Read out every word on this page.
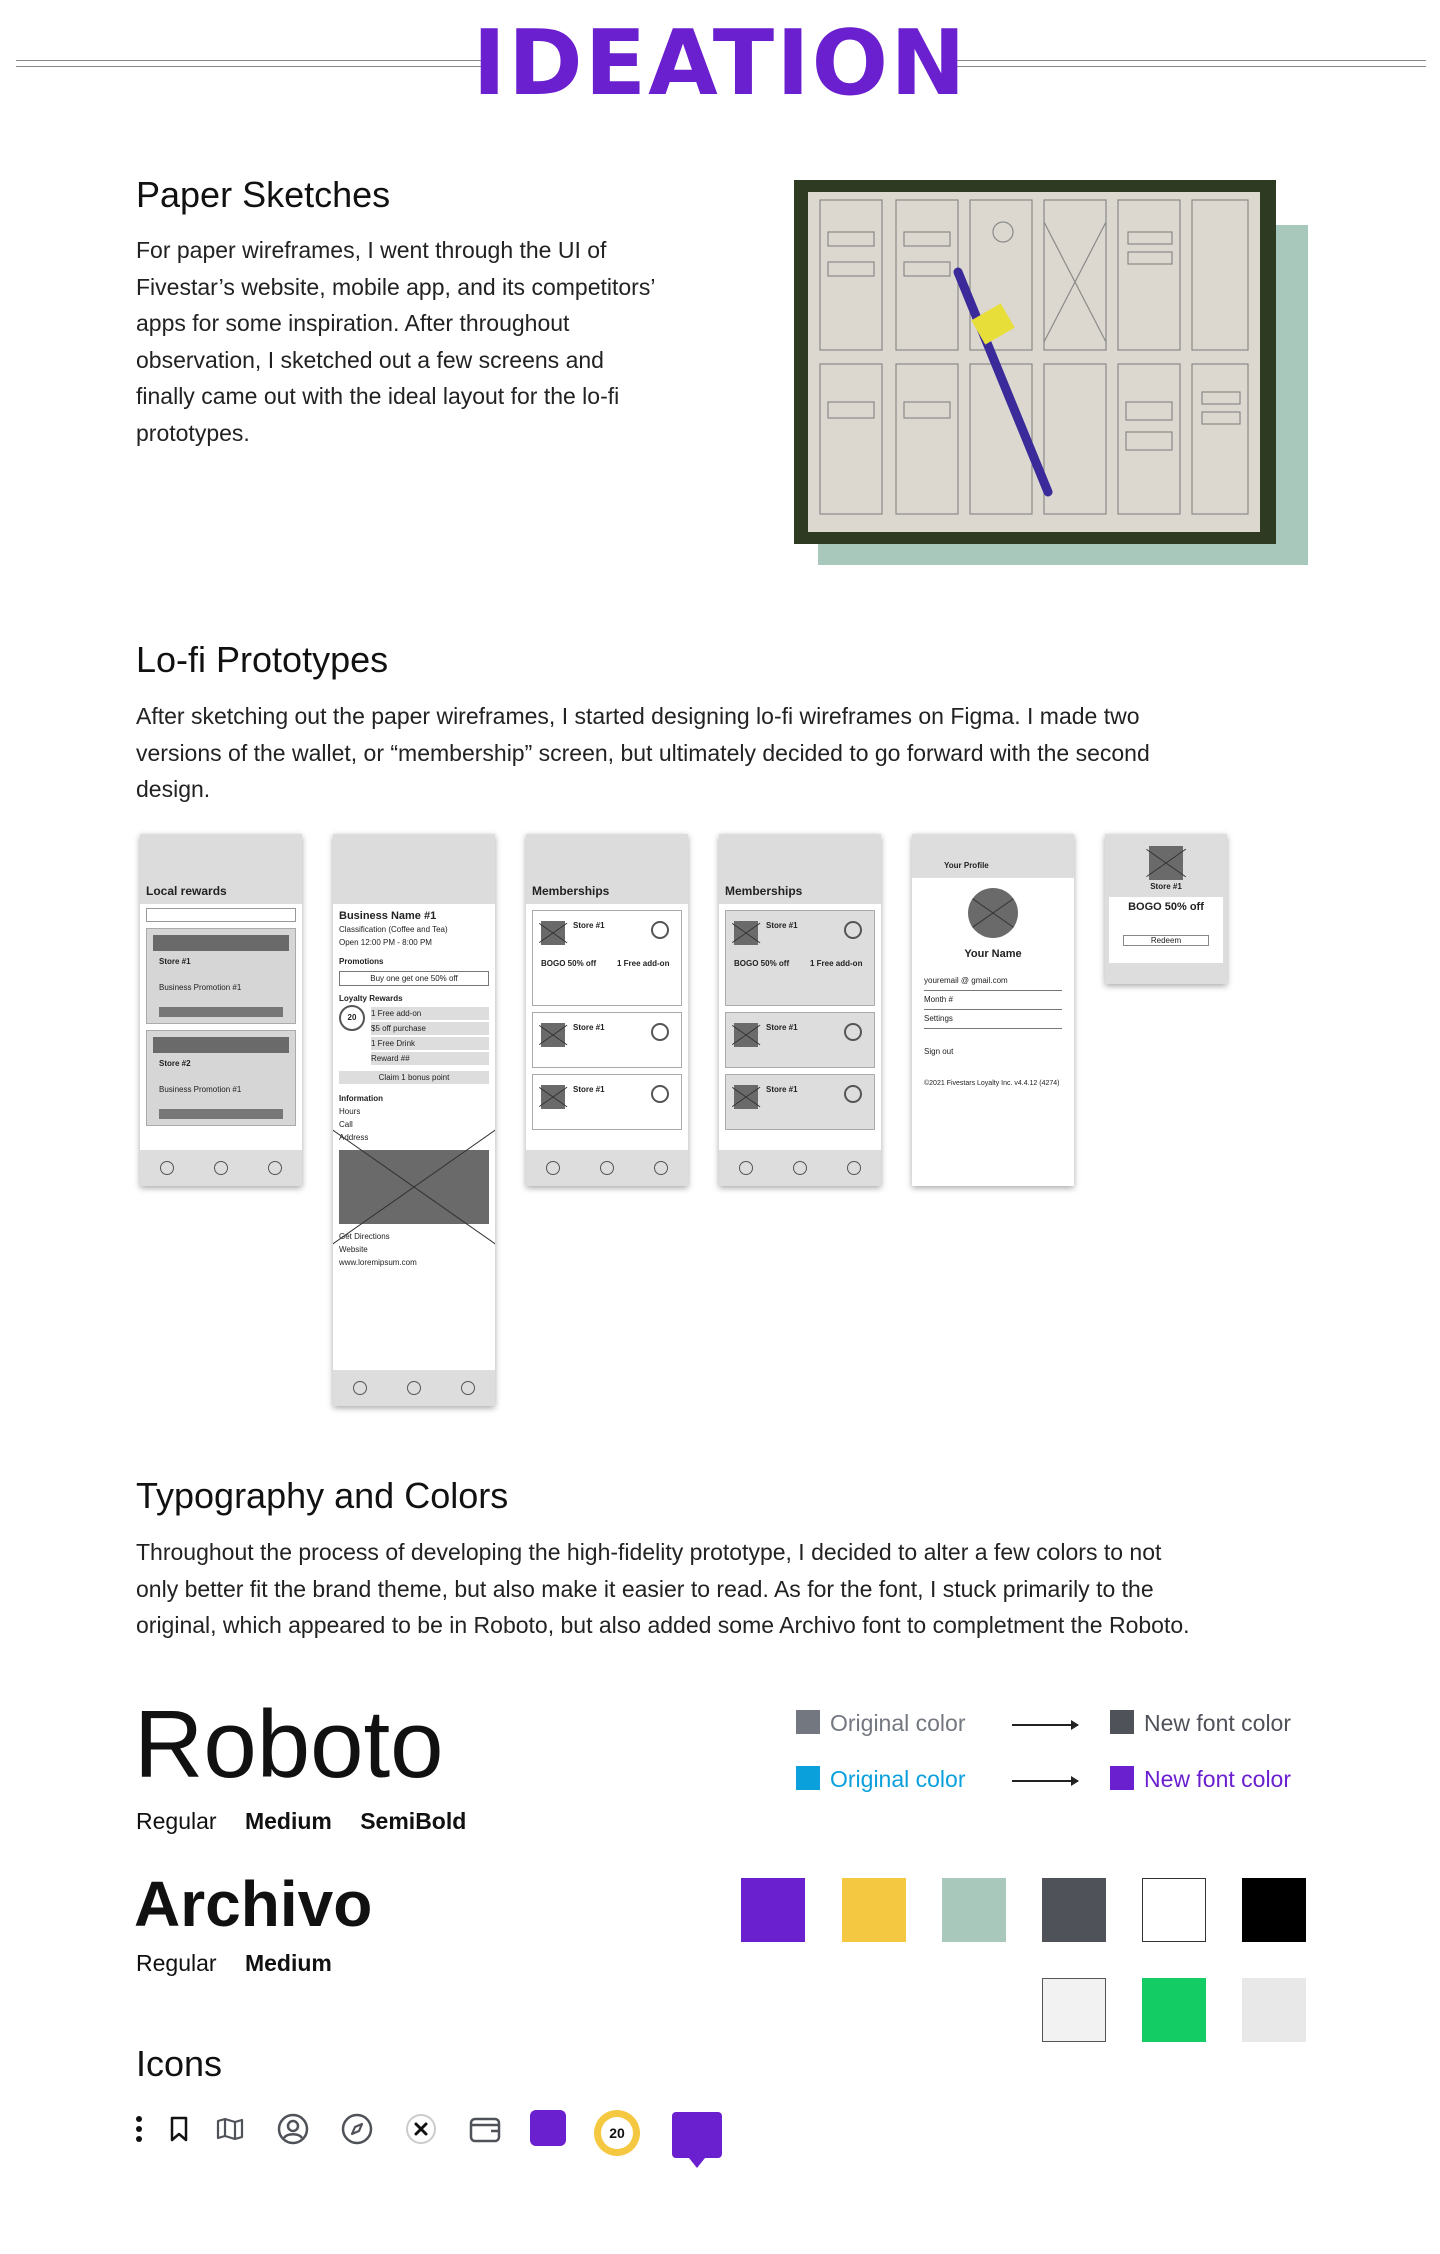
IDEATION
Paper Sketches
For paper wireframes, I went through the UI of
Fivestar’s website, mobile app, and its competitors’
apps for some inspiration. After throughout
observation, I sketched out a few screens and
finally came out with the ideal layout for the lo-fi
prototypes.
Lo-fi Prototypes
After sketching out the paper wireframes, I started designing lo-fi wireframes on Figma. I made two
versions of the wallet, or “membership” screen, but ultimately decided to go forward with the second
design.
Local rewards
Store #1
Business Promotion #1
Store #2
Business Promotion #1
Business Name #1
Classification (Coffee and Tea)
Open 12:00 PM - 8:00 PM
Promotions
Buy one get one 50% off
Loyalty Rewards
20	1 Free add-on
$5 off purchase
1 Free Drink
Reward ##
Claim 1 bonus point
Information
Hours
Call
Address
Get Directions
Website
www.loremipsum.com
Memberships
Store #1
BOGO 50% off	1 Free add-on
Store #1
Store #1
Memberships
Store #1
BOGO 50% off	1 Free add-on
Store #1
Store #1
Your Profile
Your Name
youremail @ gmail.com
Month #
Settings
Sign out
©2021 Fivestars Loyalty Inc. v4.4.12 (4274)
Store #1
BOGO 50% off
Redeem
Typography and Colors
Throughout the process of developing the high-fidelity prototype, I decided to alter a few colors to not
only better fit the brand theme, but also make it easier to read. As for the font, I stuck primarily to the
original, which appeared to be in Roboto, but also added some Archivo font to completment the Roboto.
Roboto
Regular Medium SemiBold
Archivo
Regular Medium
Original color	New font color
Original color	New font color
Icons
20
